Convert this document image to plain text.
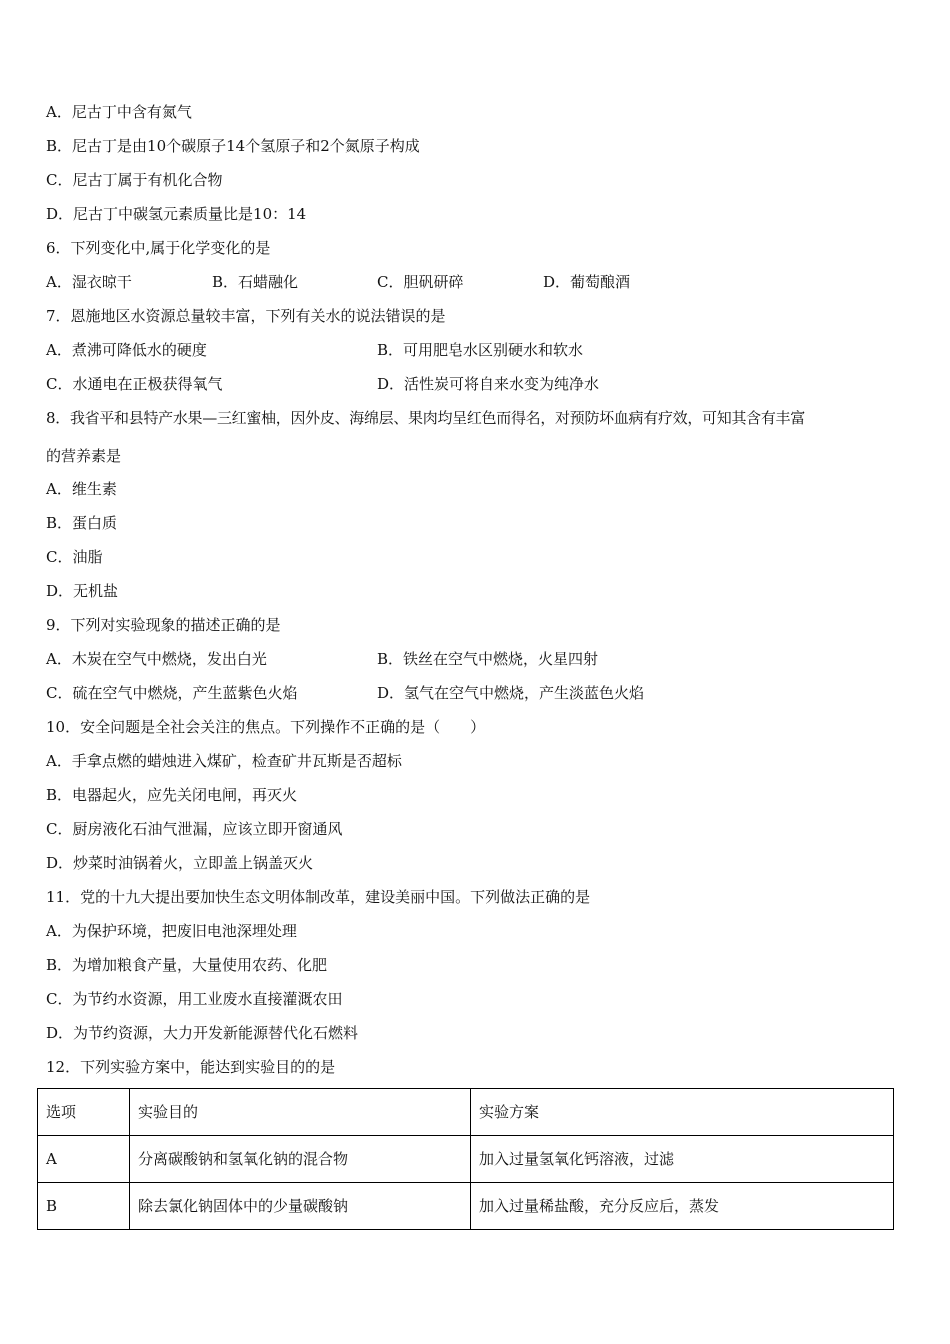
A．尼古丁中含有氮气
B．尼古丁是由10个碳原子14个氢原子和2个氮原子构成
C．尼古丁属于有机化合物
D．尼古丁中碳氢元素质量比是10：14
6．下列变化中,属于化学变化的是
A．湿衣晾干	B．石蜡融化	C．胆矾研碎	D．葡萄酿酒
7．恩施地区水资源总量较丰富，下列有关水的说法错误的是
A．煮沸可降低水的硬度	B．可用肥皂水区别硬水和软水
C．水通电在正极获得氧气	D．活性炭可将自来水变为纯净水
8．我省平和县特产水果—三红蜜柚，因外皮、海绵层、果肉均呈红色而得名，对预防坏血病有疗效，可知其含有丰富
的营养素是
A．维生素
B．蛋白质
C．油脂
D．无机盐
9．下列对实验现象的描述正确的是
A．木炭在空气中燃烧，发出白光	B．铁丝在空气中燃烧，火星四射
C．硫在空气中燃烧，产生蓝紫色火焰	D．氢气在空气中燃烧，产生淡蓝色火焰
10．安全问题是全社会关注的焦点。下列操作不正确的是（　　）
A．手拿点燃的蜡烛进入煤矿，检查矿井瓦斯是否超标
B．电器起火，应先关闭电闸，再灭火
C．厨房液化石油气泄漏，应该立即开窗通风
D．炒菜时油锅着火，立即盖上锅盖灭火
11．党的十九大提出要加快生态文明体制改革，建设美丽中国。下列做法正确的是
A．为保护环境，把废旧电池深埋处理
B．为增加粮食产量，大量使用农药、化肥
C．为节约水资源，用工业废水直接灌溉农田
D．为节约资源，大力开发新能源替代化石燃料
12．下列实验方案中，能达到实验目的的是
选项	实验目的	实验方案
A	分离碳酸钠和氢氧化钠的混合物	加入过量氢氧化钙溶液，过滤
B	除去氯化钠固体中的少量碳酸钠	加入过量稀盐酸，充分反应后，蒸发
